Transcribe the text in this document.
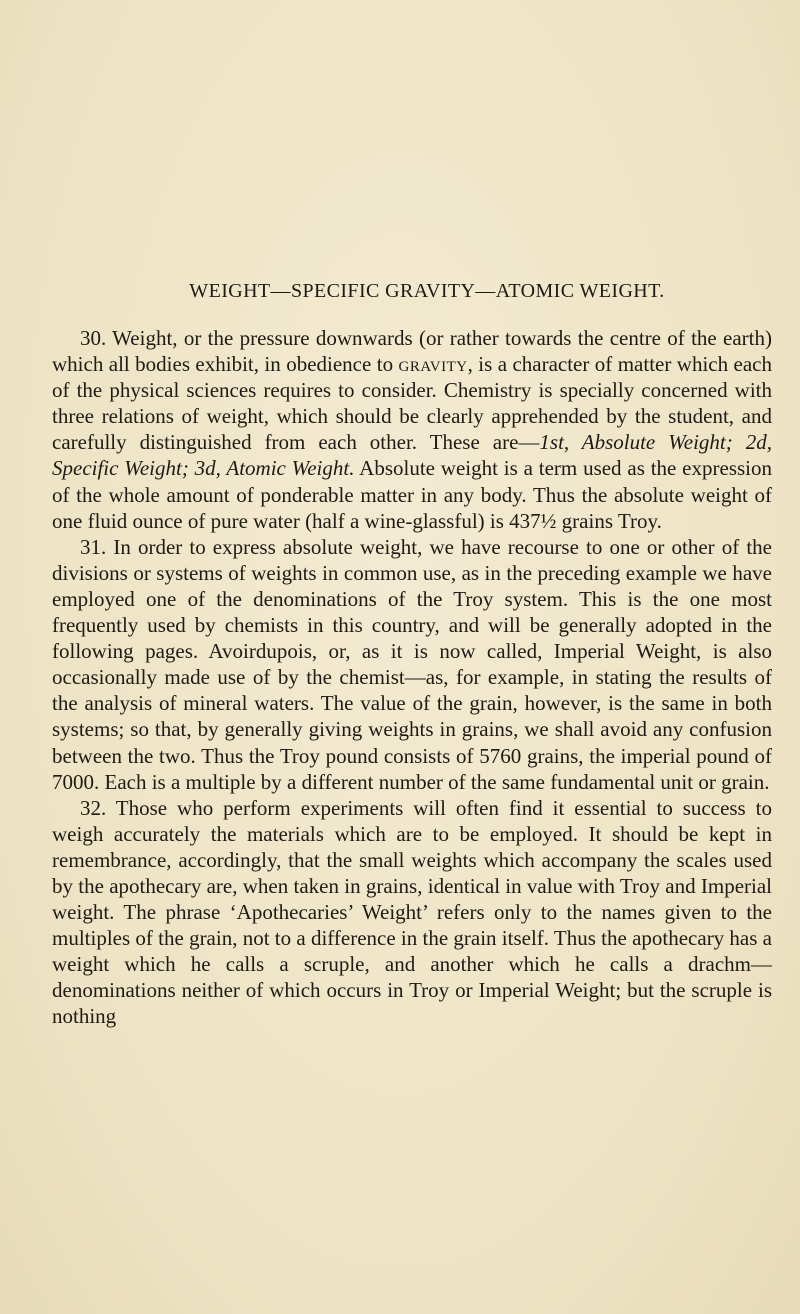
WEIGHT—SPECIFIC GRAVITY—ATOMIC WEIGHT.

30. Weight, or the pressure downwards (or rather towards the centre of the earth) which all bodies exhibit, in obedience to gravity, is a character of matter which each of the physical sciences requires to consider. Chemistry is specially concerned with three relations of weight, which should be clearly apprehended by the student, and carefully distinguished from each other. These are—1st, Absolute Weight; 2d, Specific Weight; 3d, Atomic Weight. Absolute weight is a term used as the expression of the whole amount of ponderable matter in any body. Thus the absolute weight of one fluid ounce of pure water (half a wine-glassful) is 437½ grains Troy.

31. In order to express absolute weight, we have recourse to one or other of the divisions or systems of weights in common use, as in the preceding example we have employed one of the denominations of the Troy system. This is the one most frequently used by chemists in this country, and will be generally adopted in the following pages. Avoirdupois, or, as it is now called, Imperial Weight, is also occasionally made use of by the chemist—as, for example, in stating the results of the analysis of mineral waters. The value of the grain, however, is the same in both systems; so that, by generally giving weights in grains, we shall avoid any confusion between the two. Thus the Troy pound consists of 5760 grains, the imperial pound of 7000. Each is a multiple by a different number of the same fundamental unit or grain.

32. Those who perform experiments will often find it essential to success to weigh accurately the materials which are to be employed. It should be kept in remembrance, accordingly, that the small weights which accompany the scales used by the apothecary are, when taken in grains, identical in value with Troy and Imperial weight. The phrase ‘Apothecaries’ Weight’ refers only to the names given to the multiples of the grain, not to a difference in the grain itself. Thus the apothecary has a weight which he calls a scruple, and another which he calls a drachm—denominations neither of which occurs in Troy or Imperial Weight; but the scruple is nothing
